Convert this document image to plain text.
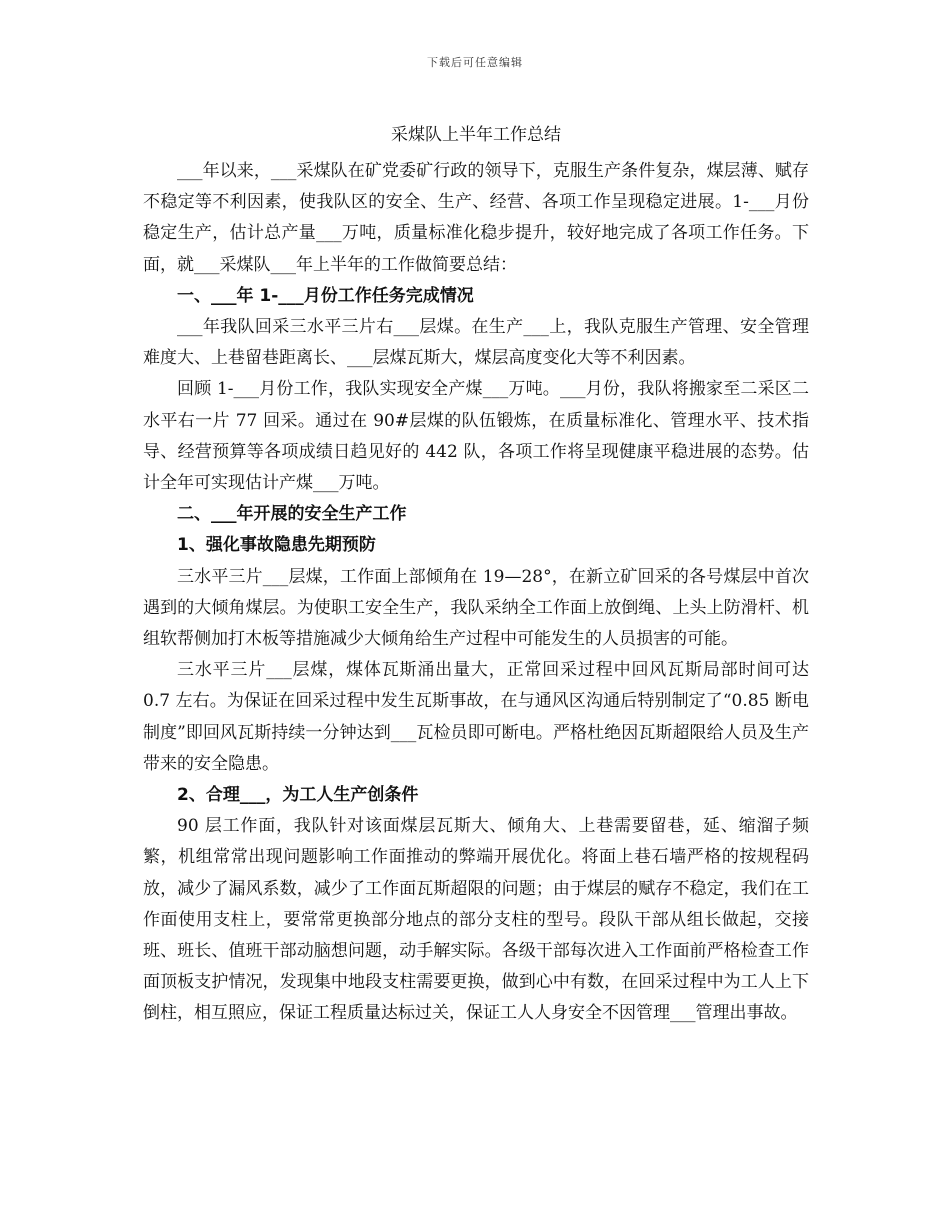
下载后可任意编辑
采煤队上半年工作总结

___年以来，___采煤队在矿党委矿行政的领导下，克服生产条件复杂，煤层薄、赋存不稳定等不利因素，使我队区的安全、生产、经营、各项工作呈现稳定进展。1-___月份稳定生产，估计总产量___万吨，质量标准化稳步提升，较好地完成了各项工作任务。下面，就___采煤队___年上半年的工作做简要总结：

一、___年 1-___月份工作任务完成情况

___年我队回采三水平三片右___层煤。在生产___上，我队克服生产管理、安全管理难度大、上巷留巷距离长、___层煤瓦斯大，煤层高度变化大等不利因素。

回顾 1-___月份工作，我队实现安全产煤___万吨。___月份，我队将搬家至二采区二水平右一片 77 回采。通过在 90#层煤的队伍锻炼，在质量标准化、管理水平、技术指导、经营预算等各项成绩日趋见好的 442 队，各项工作将呈现健康平稳进展的态势。估计全年可实现估计产煤___万吨。

二、___年开展的安全生产工作

1、强化事故隐患先期预防

三水平三片___层煤，工作面上部倾角在 19—28°，在新立矿回采的各号煤层中首次遇到的大倾角煤层。为使职工安全生产，我队采纳全工作面上放倒绳、上头上防滑杆、机组软帮侧加打木板等措施减少大倾角给生产过程中可能发生的人员损害的可能。

三水平三片___层煤，煤体瓦斯涌出量大，正常回采过程中回风瓦斯局部时间可达 0.7 左右。为保证在回采过程中发生瓦斯事故，在与通风区沟通后特别制定了“0.85 断电制度”即回风瓦斯持续一分钟达到___瓦检员即可断电。严格杜绝因瓦斯超限给人员及生产带来的安全隐患。

2、合理___，为工人生产创条件

90 层工作面，我队针对该面煤层瓦斯大、倾角大、上巷需要留巷，延、缩溜子频繁，机组常常出现问题影响工作面推动的弊端开展优化。将面上巷石墙严格的按规程码放，减少了漏风系数，减少了工作面瓦斯超限的问题；由于煤层的赋存不稳定，我们在工作面使用支柱上，要常常更换部分地点的部分支柱的型号。段队干部从组长做起，交接班、班长、值班干部动脑想问题，动手解实际。各级干部每次进入工作面前严格检查工作面顶板支护情况，发现集中地段支柱需要更换，做到心中有数，在回采过程中为工人上下倒柱，相互照应，保证工程质量达标过关，保证工人人身安全不因管理___管理出事故。
